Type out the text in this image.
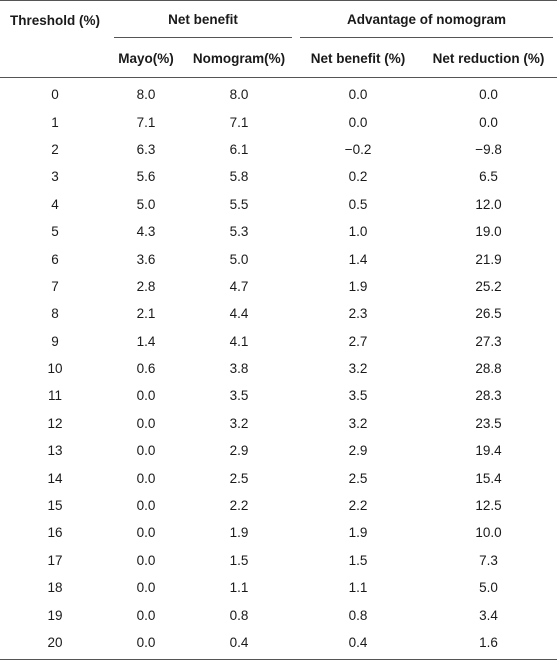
Threshold (%)	Net benefit		Advantage of nomogram	

	Mayo(%)	Nomogram(%)	Net benefit (%)	Net reduction (%)
0	8.0	8.0	0.0	0.0
1	7.1	7.1	0.0	0.0
2	6.3	6.1	−0.2	−9.8
3	5.6	5.8	0.2	6.5
4	5.0	5.5	0.5	12.0
5	4.3	5.3	1.0	19.0
6	3.6	5.0	1.4	21.9
7	2.8	4.7	1.9	25.2
8	2.1	4.4	2.3	26.5
9	1.4	4.1	2.7	27.3
10	0.6	3.8	3.2	28.8
11	0.0	3.5	3.5	28.3
12	0.0	3.2	3.2	23.5
13	0.0	2.9	2.9	19.4
14	0.0	2.5	2.5	15.4
15	0.0	2.2	2.2	12.5
16	0.0	1.9	1.9	10.0
17	0.0	1.5	1.5	7.3
18	0.0	1.1	1.1	5.0
19	0.0	0.8	0.8	3.4
20	0.0	0.4	0.4	1.6
